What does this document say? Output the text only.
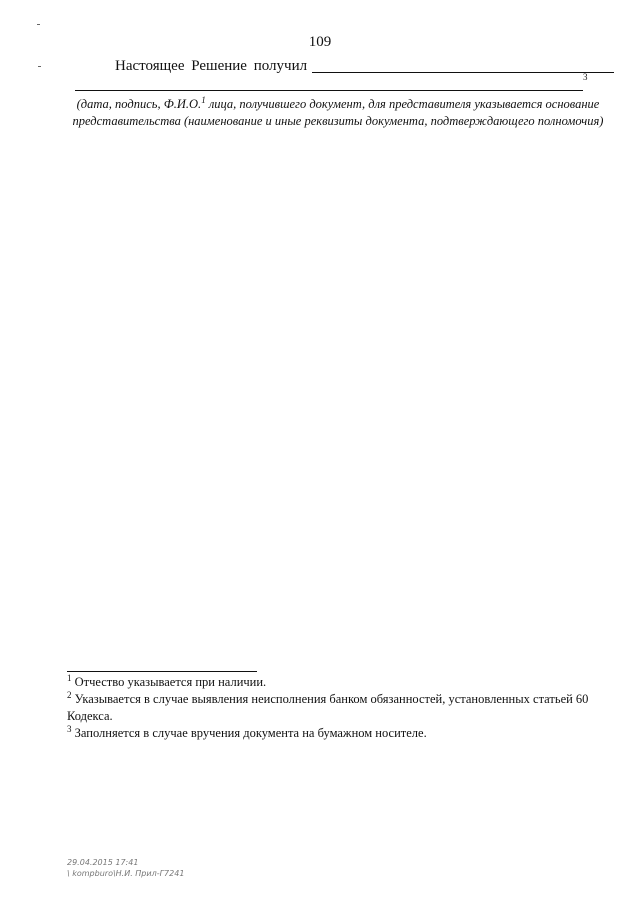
109
Настоящее Решение получил
3
(дата, подпись, Ф.И.О.$^1$ лица, получившего документ, для представителя указывается основание представительства (наименование и иные реквизиты документа, подтверждающего полномочия)

$^1$ Отчество указывается при наличии.

$^2$ Указывается в случае выявления неисполнения банком обязанностей, установленных статьей 60 Кодекса.

$^3$ Заполняется в случае вручения документа на бумажном носителе.

29.04.2015 17:41
\ kompburo\Н.И. Прил-Г7241
